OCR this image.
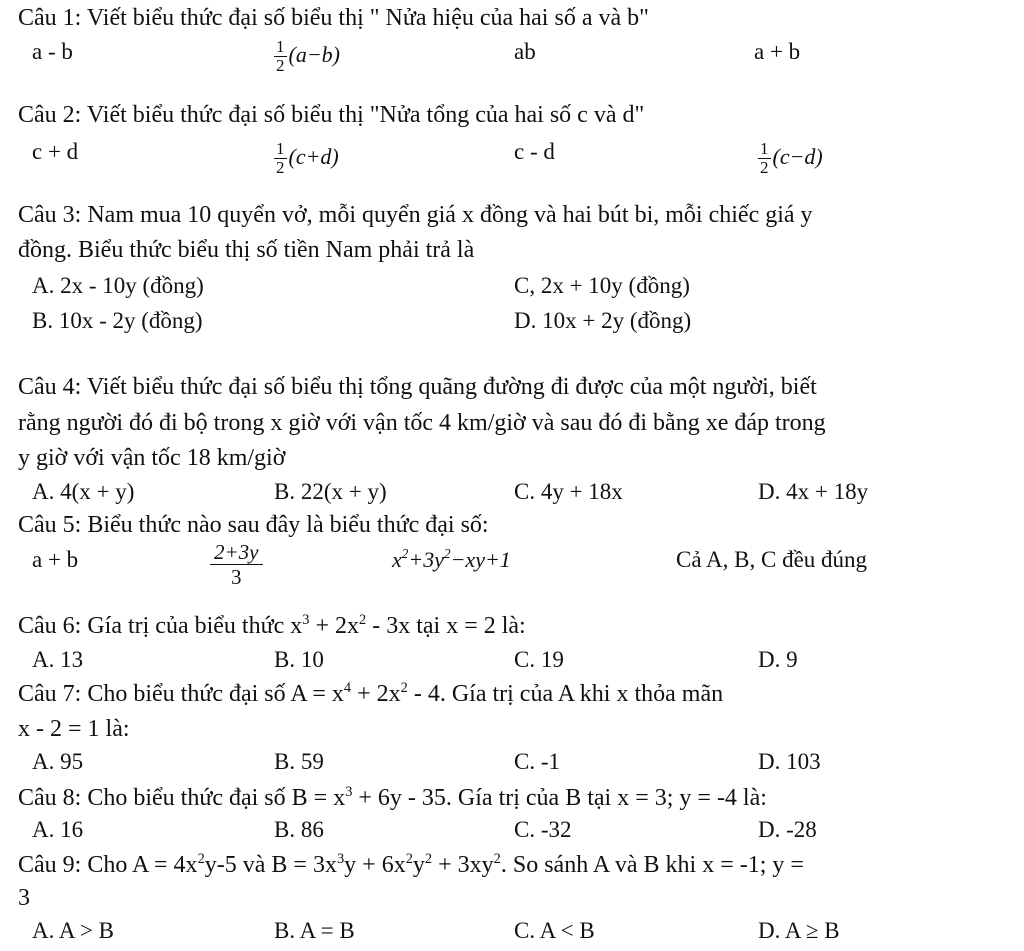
Câu 1: Viết biểu thức đại số biểu thị " Nửa hiệu của hai số a và b"
a - b	$\frac{1}{2} (a-b)$	ab	a + b
Câu 2: Viết biểu thức đại số biểu thị "Nửa tổng của hai số c và d"
c + d	$\frac{1}{2} (c+d)$	c - d	$\frac{1}{2} (c-d)$
Câu 3: Nam mua 10 quyển vở, mỗi quyển giá x đồng và hai bút bi, mỗi chiếc giá y
đồng. Biểu thức biểu thị số tiền Nam phải trả là
A. 2x - 10y (đồng)	C, 2x + 10y (đồng)
B. 10x - 2y (đồng)	D. 10x + 2y (đồng)
Câu 4: Viết biểu thức đại số biểu thị tổng quãng đường đi được của một người, biết
rằng người đó đi bộ trong x giờ với vận tốc 4 km/giờ và sau đó đi bằng xe đáp trong
y giờ với vận tốc 18 km/giờ
A. 4(x + y)	B. 22(x + y)	C. 4y + 18x	D. 4x + 18y
Câu 5: Biểu thức nào sau đây là biểu thức đại số:
a + b	$\frac{2+3y}{3}$	$x^2+3y^2-xy+1$	Cả A, B, C đều đúng
Câu 6: Gía trị của biểu thức $x^3 + 2x^2 - 3x$ tại x = 2 là:
A. 13	B. 10	C. 19	D. 9
Câu 7: Cho biểu thức đại số $A = x^4 + 2x^2 - 4$. Gía trị của A khi x thỏa mãn
x - 2 = 1 là:
A. 95	B. 59	C. -1	D. 103
Câu 8: Cho biểu thức đại số $B = x^3 + 6y - 35$. Gía trị của B tại x = 3; y = -4 là:
A. 16	B. 86	C. -32	D. -28
Câu 9: Cho $A = 4x^2y-5$ và $B = 3x^3y + 6x^2y^2 + 3xy^2$. So sánh A và B khi x = -1; y =
3
A. A > B	B. A = B	C. A < B	D. A ≥ B
